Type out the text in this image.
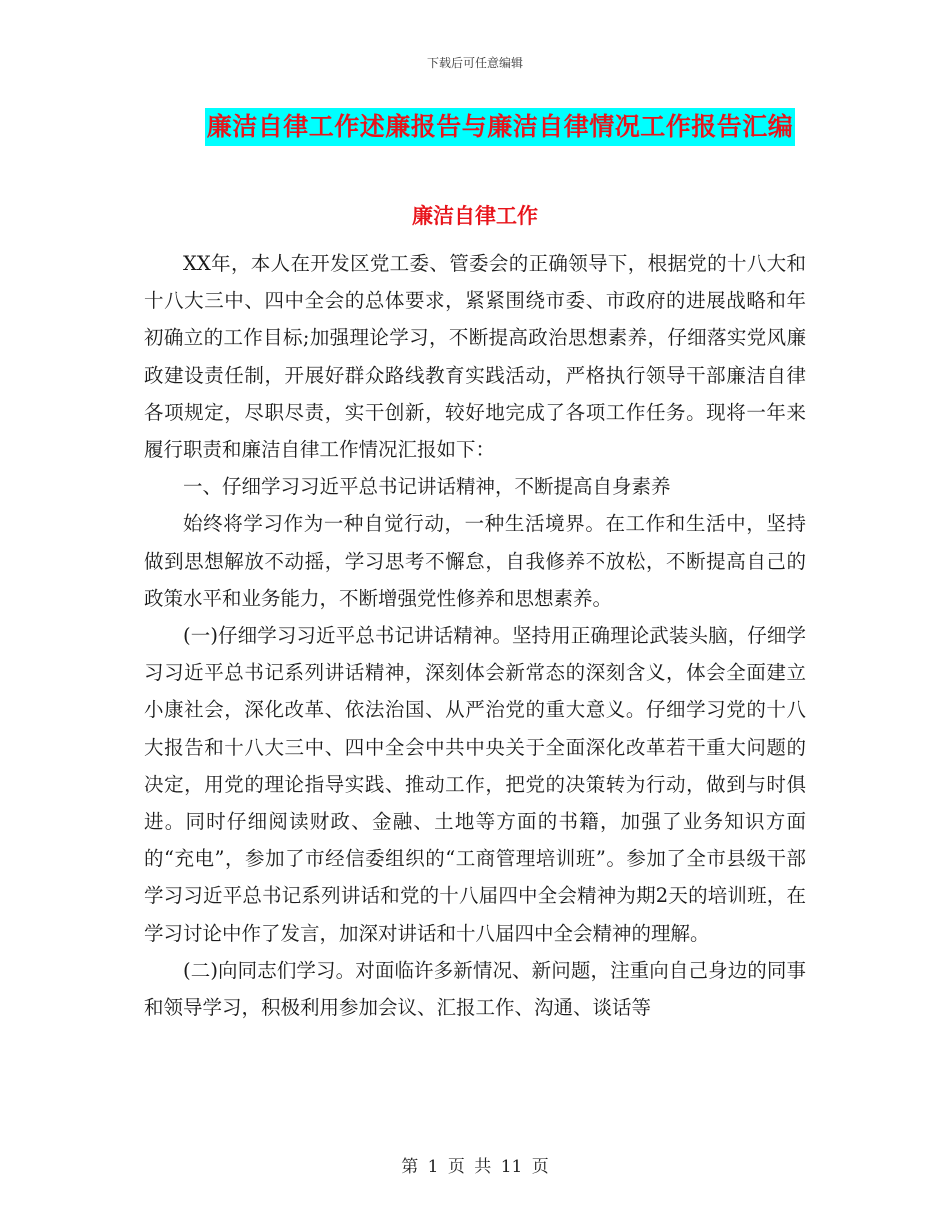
下载后可任意编辑
廉洁自律工作述廉报告与廉洁自律情况工作报告汇编
廉洁自律工作

XX年，本人在开发区党工委、管委会的正确领导下，根据党的十八大和十八大三中、四中全会的总体要求，紧紧围绕市委、市政府的进展战略和年初确立的工作目标;加强理论学习，不断提高政治思想素养，仔细落实党风廉政建设责任制，开展好群众路线教育实践活动，严格执行领导干部廉洁自律各项规定，尽职尽责，实干创新，较好地完成了各项工作任务。现将一年来履行职责和廉洁自律工作情况汇报如下：

一、仔细学习习近平总书记讲话精神，不断提高自身素养

始终将学习作为一种自觉行动，一种生活境界。在工作和生活中，坚持做到思想解放不动摇，学习思考不懈怠，自我修养不放松，不断提高自己的政策水平和业务能力，不断增强党性修养和思想素养。

(一)仔细学习习近平总书记讲话精神。坚持用正确理论武装头脑，仔细学习习近平总书记系列讲话精神，深刻体会新常态的深刻含义，体会全面建立小康社会，深化改革、依法治国、从严治党的重大意义。仔细学习党的十八大报告和十八大三中、四中全会中共中央关于全面深化改革若干重大问题的决定，用党的理论指导实践、推动工作，把党的决策转为行动，做到与时俱进。同时仔细阅读财政、金融、土地等方面的书籍，加强了业务知识方面的“充电”，参加了市经信委组织的“工商管理培训班”。参加了全市县级干部学习习近平总书记系列讲话和党的十八届四中全会精神为期2天的培训班，在学习讨论中作了发言，加深对讲话和十八届四中全会精神的理解。

(二)向同志们学习。对面临许多新情况、新问题，注重向自己身边的同事和领导学习，积极利用参加会议、汇报工作、沟通、谈话等

第 1 页 共 11 页
